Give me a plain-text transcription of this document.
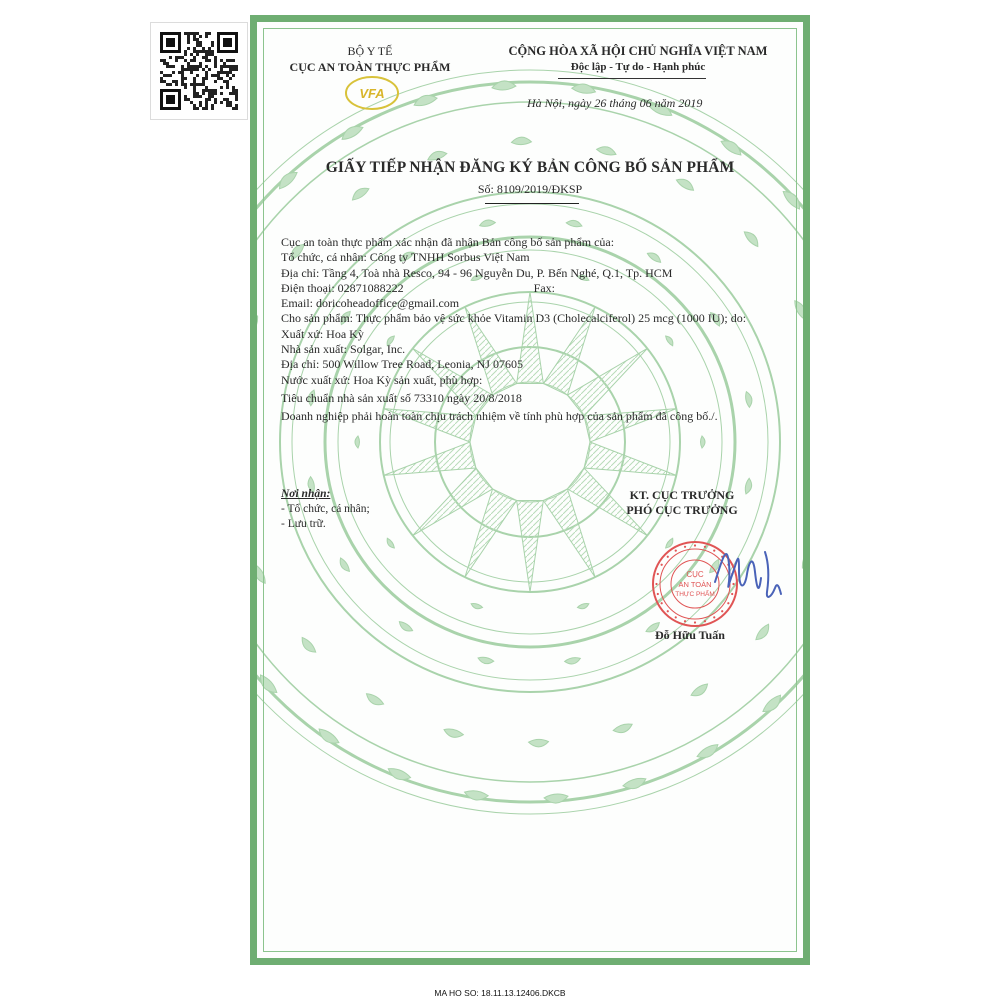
BỘ Y TẾ
CỤC AN TOÀN THỰC PHẨM
VFA
CỘNG HÒA XÃ HỘI CHỦ NGHĨA VIỆT NAM
Độc lập - Tự do - Hạnh phúc
Hà Nội, ngày 26 tháng 06 năm 2019
GIẤY TIẾP NHẬN ĐĂNG KÝ BẢN CÔNG BỐ SẢN PHẨM
Số: 8109/2019/ĐKSP
Cục an toàn thực phẩm xác nhận đã nhận Bản công bố sản phẩm của:
Tổ chức, cá nhân: Công ty TNHH Sorbus Việt Nam
Địa chỉ: Tầng 4, Toà nhà Resco, 94 - 96 Nguyễn Du, P. Bến Nghé, Q.1, Tp. HCM
Điện thoại: 02871088222	Fax:
Email: doricoheadoffice@gmail.com
Cho sản phẩm: Thực phẩm bảo vệ sức khỏe Vitamin D3 (Cholecalciferol) 25 mcg (1000 IU); do:
Xuất xứ: Hoa Kỳ
Nhà sản xuất: Solgar, Inc.
Địa chỉ: 500 Willow Tree Road, Leonia, NJ 07605
Nước xuất xứ: Hoa Kỳ sản xuất, phù hợp:
Tiêu chuẩn nhà sản xuất số 73310 ngày 20/8/2018
Doanh nghiệp phải hoàn toàn chịu trách nhiệm về tính phù hợp của sản phẩm đã công bố./.
Nơi nhận:
- Tổ chức, cá nhân;
- Lưu trữ.
KT. CỤC TRƯỞNG
PHÓ CỤC TRƯỞNG
CỤC
AN TOÀN
THỰC PHẨM
Đỗ Hữu Tuấn
MA HO SO: 18.11.13.12406.DKCB
